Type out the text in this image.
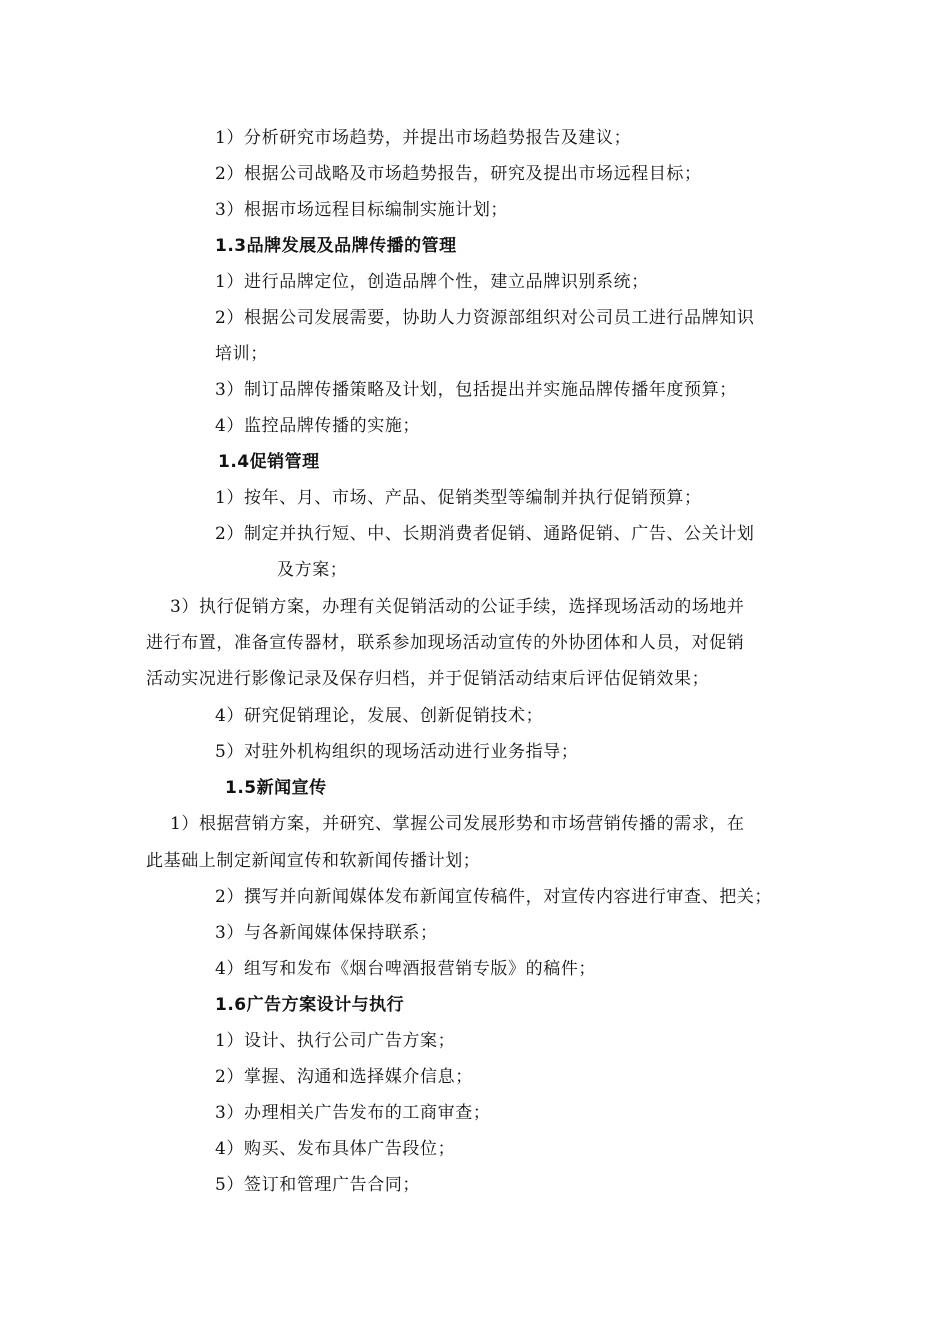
1）分析研究市场趋势，并提出市场趋势报告及建议；
2）根据公司战略及市场趋势报告，研究及提出市场远程目标；
3）根据市场远程目标编制实施计划；
1.3品牌发展及品牌传播的管理
1）进行品牌定位，创造品牌个性，建立品牌识别系统；
2）根据公司发展需要，协助人力资源部组织对公司员工进行品牌知识
培训；
3）制订品牌传播策略及计划，包括提出并实施品牌传播年度预算；
4）监控品牌传播的实施；
1.4促销管理
1）按年、月、市场、产品、促销类型等编制并执行促销预算；
2）制定并执行短、中、长期消费者促销、通路促销、广告、公关计划
及方案；
3）执行促销方案，办理有关促销活动的公证手续，选择现场活动的场地并
进行布置，准备宣传器材，联系参加现场活动宣传的外协团体和人员，对促销
活动实况进行影像记录及保存归档，并于促销活动结束后评估促销效果；
4）研究促销理论，发展、创新促销技术；
5）对驻外机构组织的现场活动进行业务指导；
1.5新闻宣传
1）根据营销方案，并研究、掌握公司发展形势和市场营销传播的需求，在
此基础上制定新闻宣传和软新闻传播计划；
2）撰写并向新闻媒体发布新闻宣传稿件，对宣传内容进行审查、把关；
3）与各新闻媒体保持联系；
4）组写和发布《烟台啤酒报营销专版》的稿件；
1.6广告方案设计与执行
1）设计、执行公司广告方案；
2）掌握、沟通和选择媒介信息；
3）办理相关广告发布的工商审查；
4）购买、发布具体广告段位；
5）签订和管理广告合同；
